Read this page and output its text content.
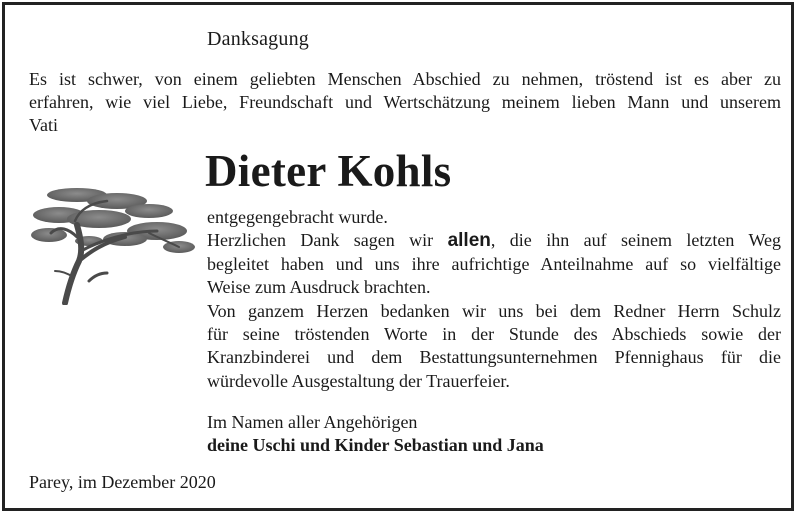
Danksagung
Es ist schwer, von einem geliebten Menschen Abschied zu nehmen, tröstend ist es aber zu
erfahren, wie viel Liebe, Freundschaft und Wertschätzung meinem lieben Mann und unserem
Vati
Dieter Kohls
entgegengebracht wurde.
Herzlichen Dank sagen wir allen, die ihn auf seinem letzten Weg
begleitet haben und uns ihre aufrichtige Anteilnahme auf so vielfältige
Weise zum Ausdruck brachten.
Von ganzem Herzen bedanken wir uns bei dem Redner Herrn Schulz
für seine tröstenden Worte in der Stunde des Abschieds sowie der
Kranzbinderei und dem Bestattungsunternehmen Pfennighaus für die
würdevolle Ausgestaltung der Trauerfeier.
Im Namen aller Angehörigen
deine Uschi und Kinder Sebastian und Jana
Parey, im Dezember 2020
